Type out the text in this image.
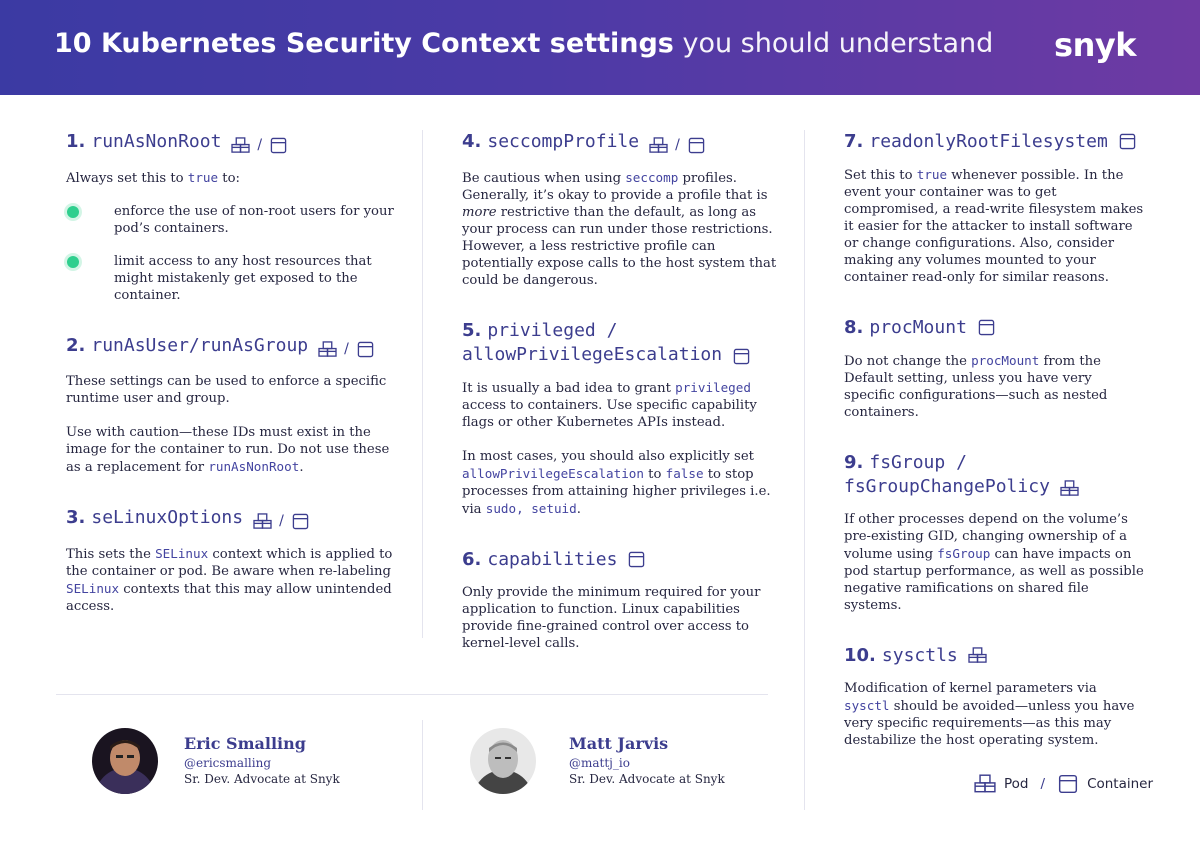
10 Kubernetes Security Context settings you should understand snyk
1. runAsNonRoot	/

Always set this to true to:

enforce the use of non-root users for your pod’s containers.
limit access to any host resources that might mistakenly get exposed to the container.
2. runAsUser/runAsGroup	/

These settings can be used to enforce a specific runtime user and group.

Use with caution—these IDs must exist in the image for the container to run. Do not use these as a replacement for runAsNonRoot.

3. seLinuxOptions	/

This sets the SELinux context which is applied to the container or pod. Be aware when re-labeling SELinux contexts that this may allow unintended access.

4. seccompProfile	/

Be cautious when using seccomp profiles. Generally, it’s okay to provide a profile that is more restrictive than the default, as long as your process can run under those restrictions. However, a less restrictive profile can potentially expose calls to the host system that could be dangerous.

5. privileged /
allowPrivilegeEscalation

It is usually a bad idea to grant privileged access to containers. Use specific capability flags or other Kubernetes APIs instead.

In most cases, you should also explicitly set allowPrivilegeEscalation to false to stop processes from attaining higher privileges i.e. via sudo, setuid.

6. capabilities

Only provide the minimum required for your application to function. Linux capabilities provide fine-grained control over access to kernel-level calls.

7. readonlyRootFilesystem

Set this to true whenever possible. In the event your container was to get compromised, a read-write filesystem makes it easier for the attacker to install software or change configurations. Also, consider making any volumes mounted to your container read-only for similar reasons.

8. procMount

Do not change the procMount from the Default setting, unless you have very specific configurations—such as nested containers.

9. fsGroup /
fsGroupChangePolicy

If other processes depend on the volume’s pre-existing GID, changing ownership of a volume using fsGroup can have impacts on pod startup performance, as well as possible negative ramifications on shared file systems.

10. sysctls

Modification of kernel parameters via sysctl should be avoided—unless you have very specific requirements—as this may destabilize the host operating system.

Eric Smalling
@ericsmalling
Sr. Dev. Advocate at Snyk
Matt Jarvis
@mattj_io
Sr. Dev. Advocate at Snyk	Pod /	Container
